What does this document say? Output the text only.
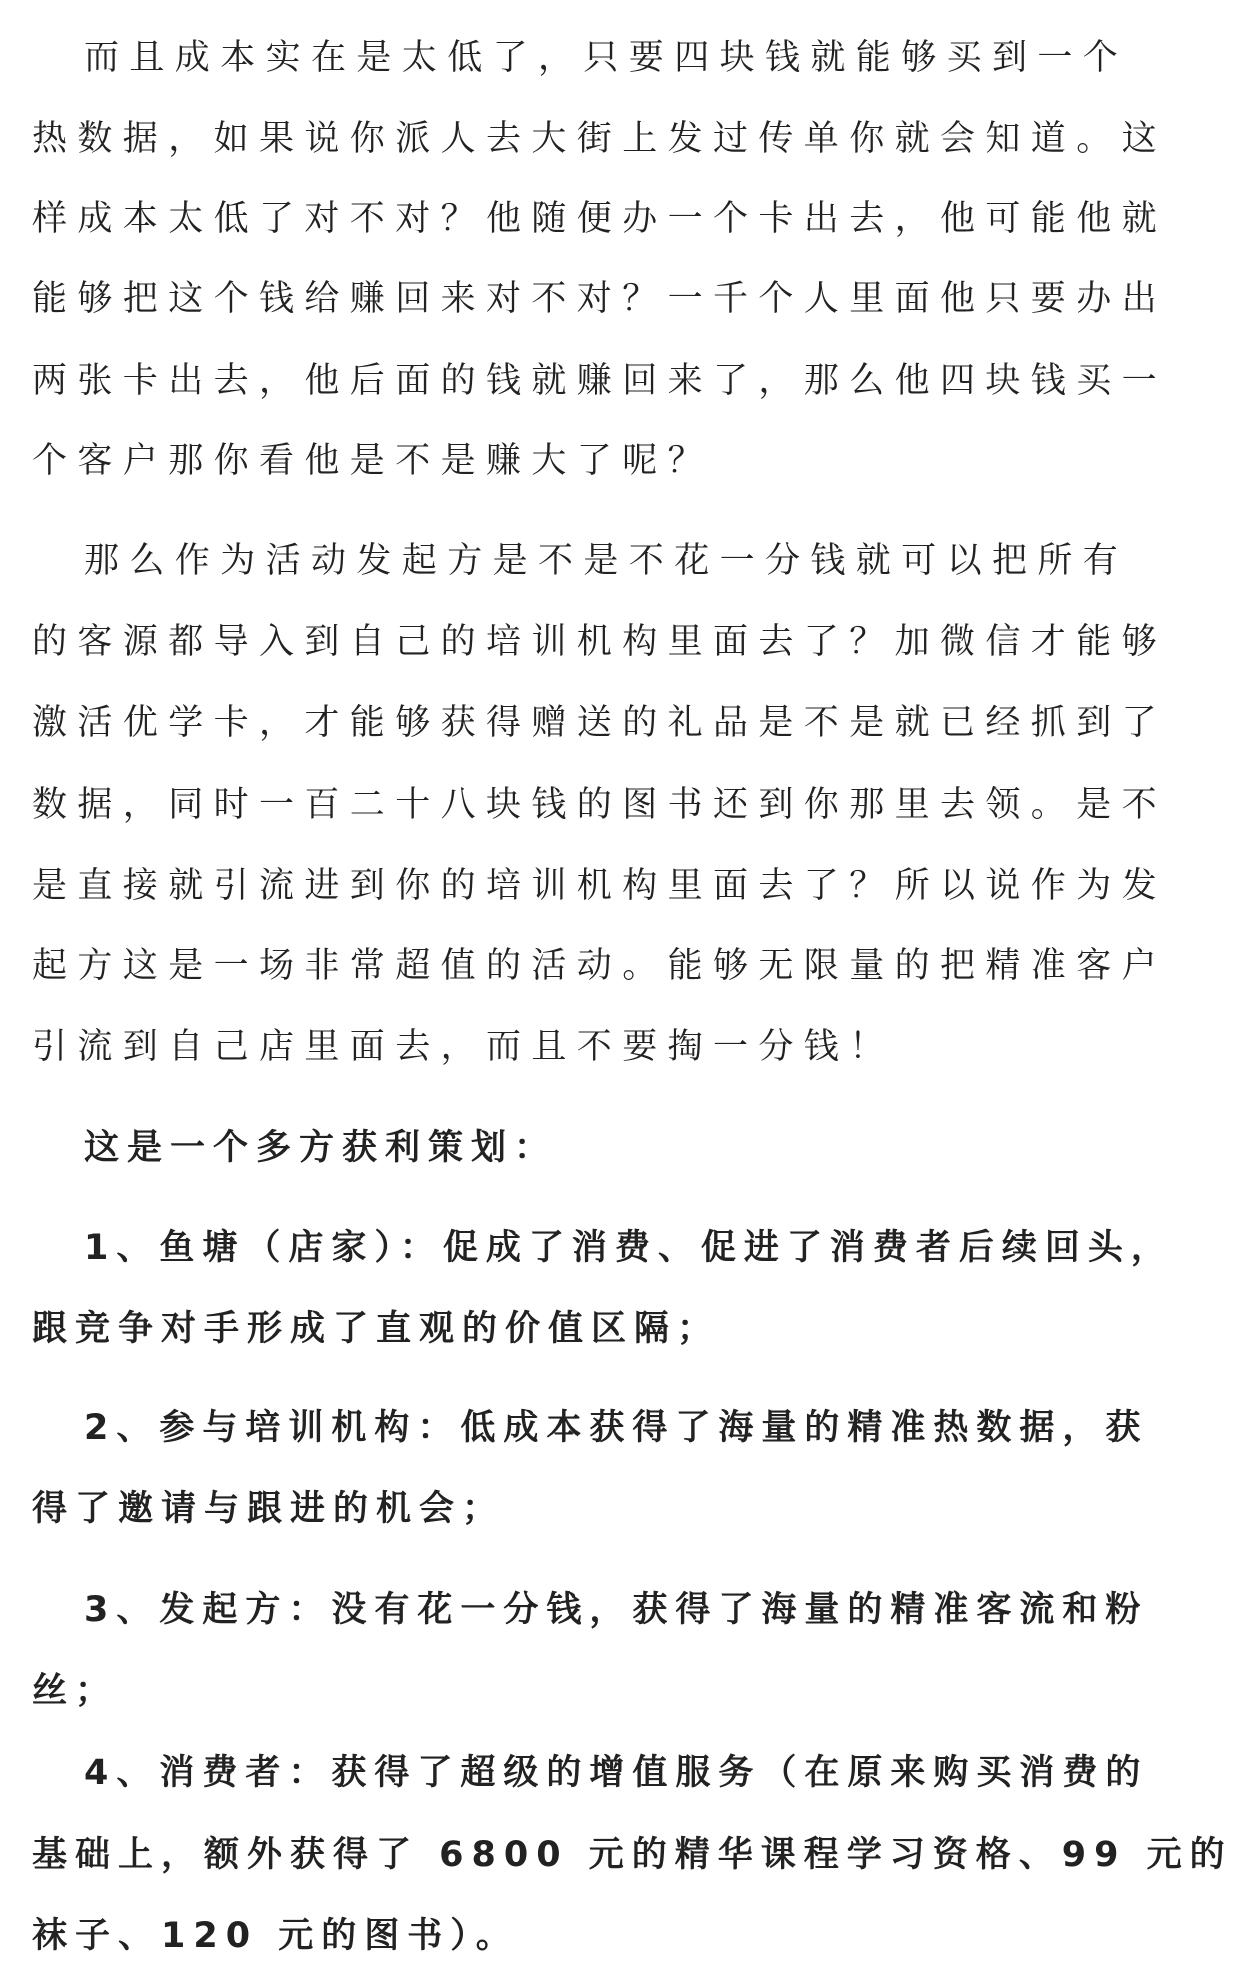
而且成本实在是太低了，只要四块钱就能够买到一个
热数据，如果说你派人去大街上发过传单你就会知道。这
样成本太低了对不对？他随便办一个卡出去，他可能他就
能够把这个钱给赚回来对不对？一千个人里面他只要办出
两张卡出去，他后面的钱就赚回来了，那么他四块钱买一
个客户那你看他是不是赚大了呢？
那么作为活动发起方是不是不花一分钱就可以把所有
的客源都导入到自己的培训机构里面去了？加微信才能够
激活优学卡，才能够获得赠送的礼品是不是就已经抓到了
数据，同时一百二十八块钱的图书还到你那里去领。是不
是直接就引流进到你的培训机构里面去了？所以说作为发
起方这是一场非常超值的活动。能够无限量的把精准客户
引流到自己店里面去，而且不要掏一分钱！
这是一个多方获利策划：
1、鱼塘（店家）：促成了消费、促进了消费者后续回头，
跟竞争对手形成了直观的价值区隔；
2、参与培训机构：低成本获得了海量的精准热数据，获
得了邀请与跟进的机会；
3、发起方：没有花一分钱，获得了海量的精准客流和粉
丝；
4、消费者：获得了超级的增值服务（在原来购买消费的
基础上，额外获得了 6800 元的精华课程学习资格、99 元的
袜子、120 元的图书）。
